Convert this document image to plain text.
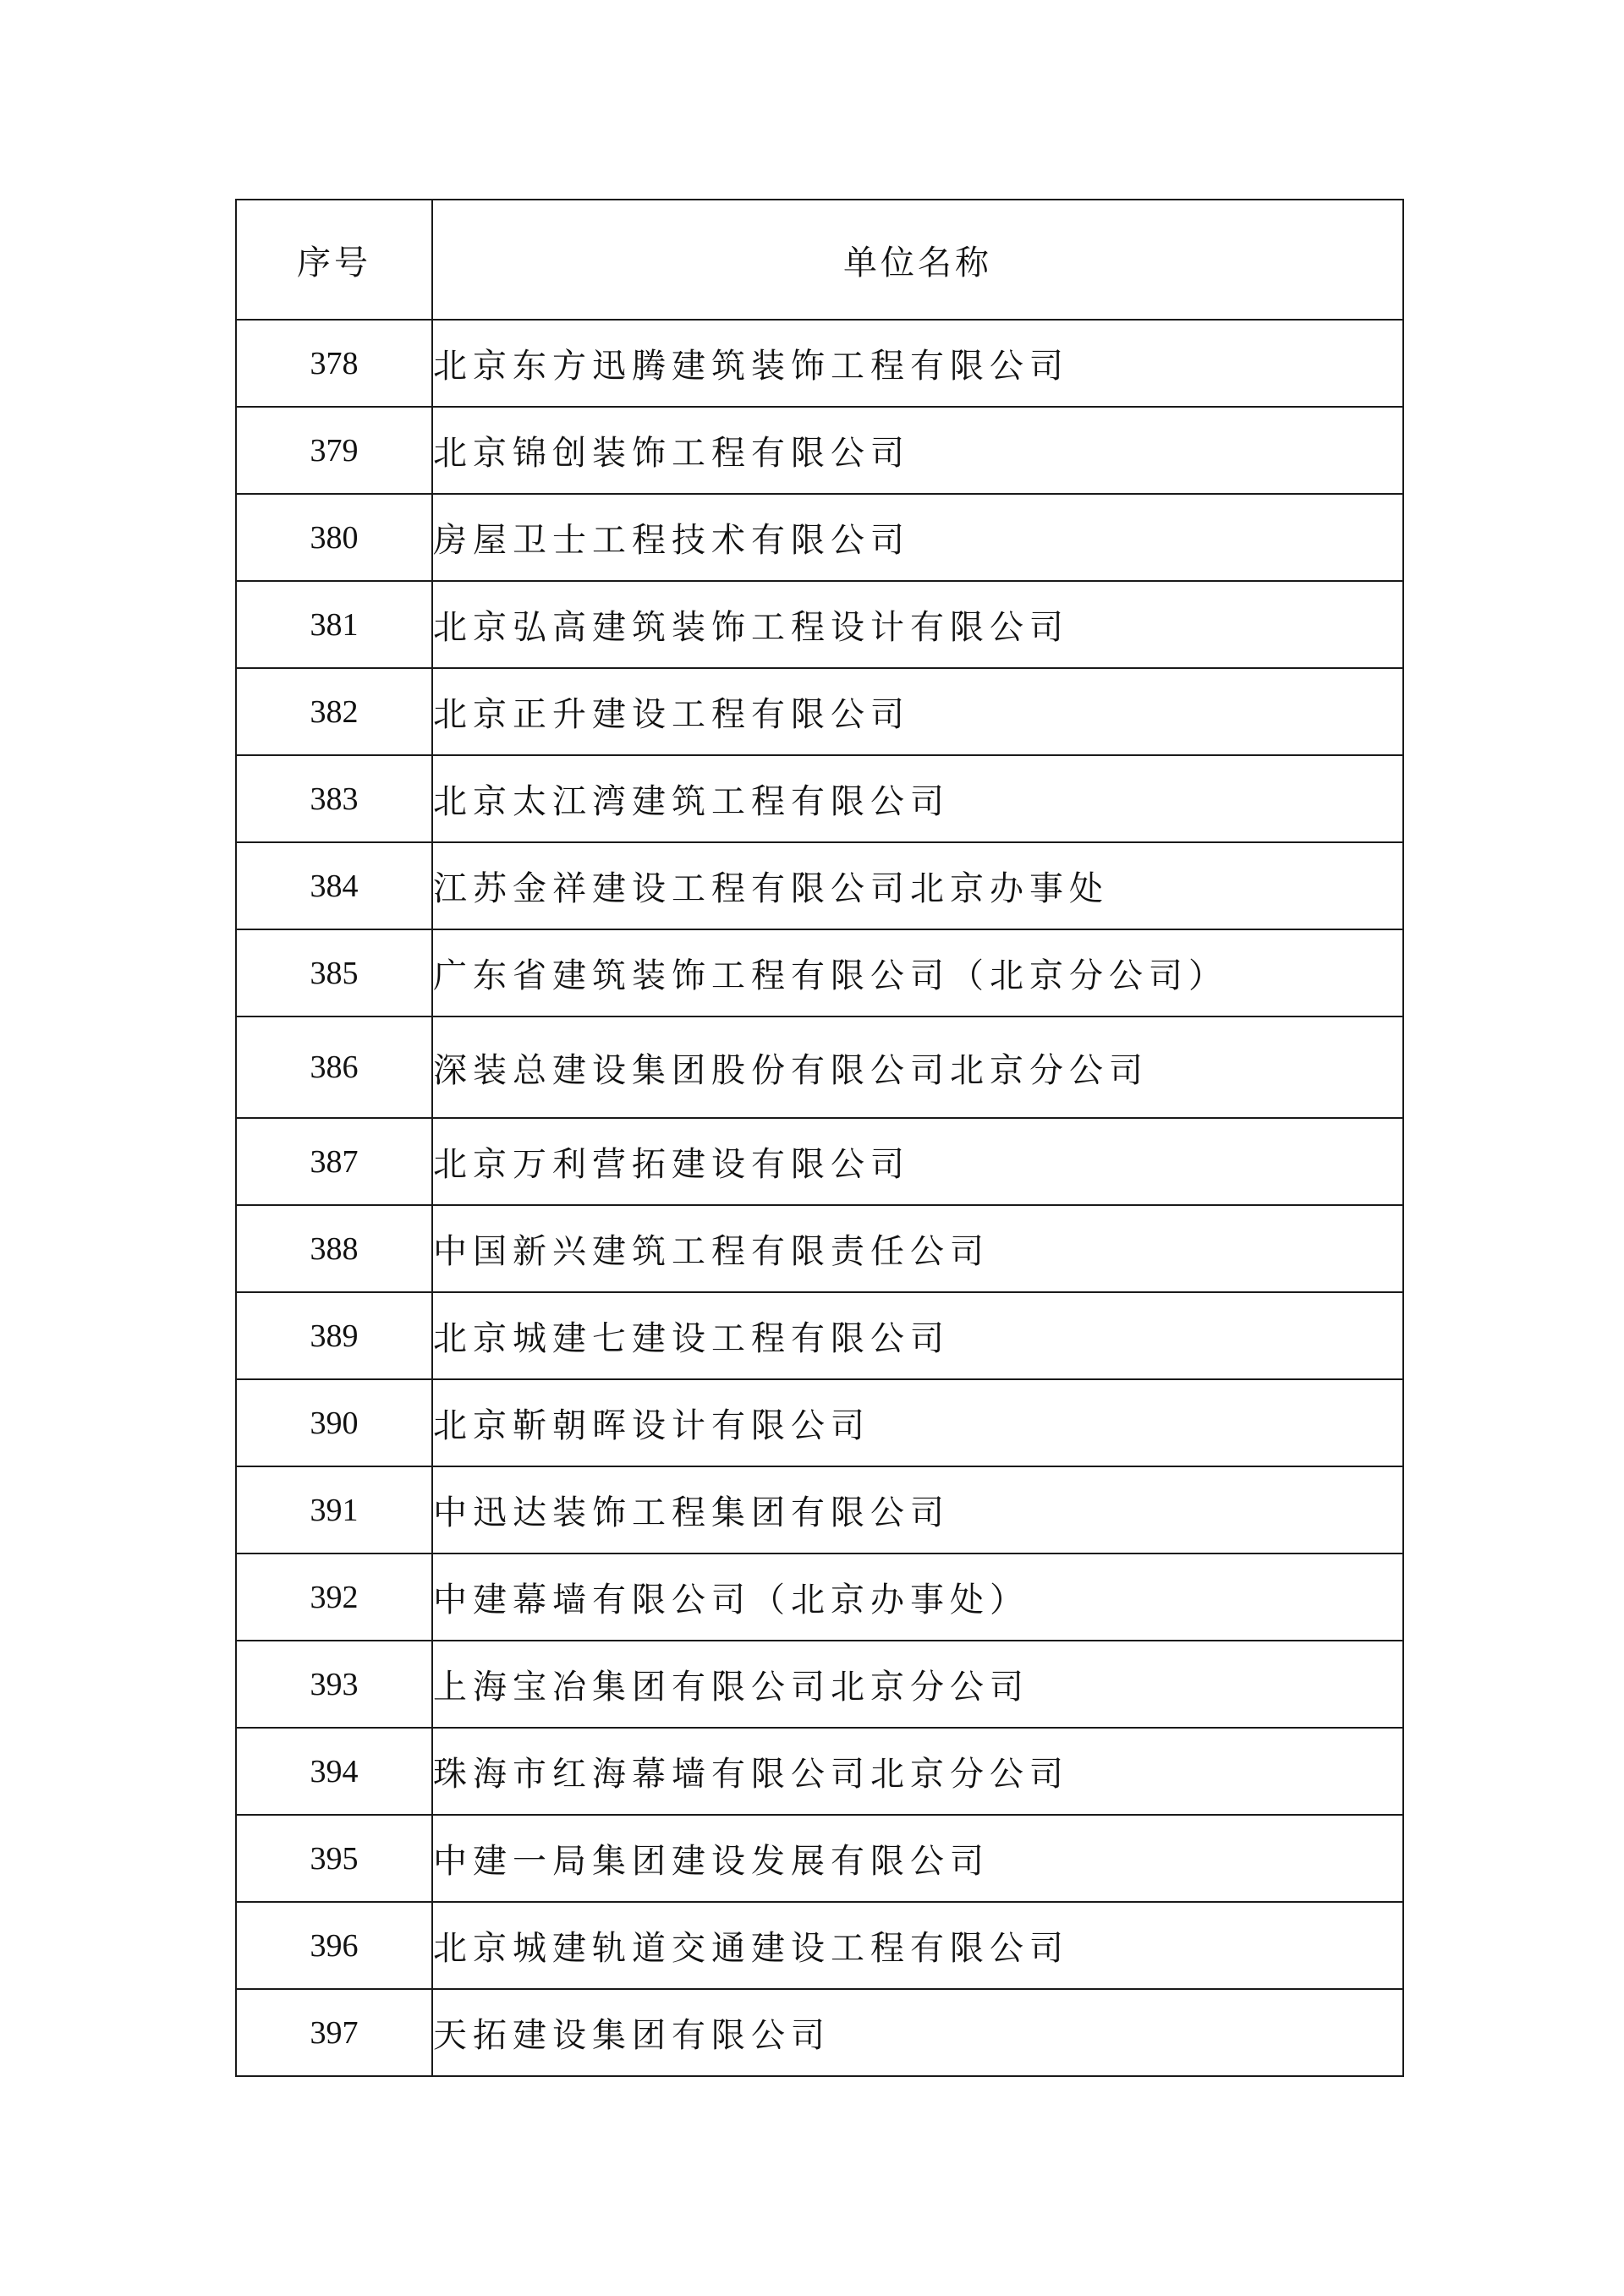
序号	单位名称
378	北京东方迅腾建筑装饰工程有限公司
379	北京锦创装饰工程有限公司
380	房屋卫士工程技术有限公司
381	北京弘高建筑装饰工程设计有限公司
382	北京正升建设工程有限公司
383	北京太江湾建筑工程有限公司
384	江苏金祥建设工程有限公司北京办事处
385	广东省建筑装饰工程有限公司（北京分公司）
386	深装总建设集团股份有限公司北京分公司
387	北京万利营拓建设有限公司
388	中国新兴建筑工程有限责任公司
389	北京城建七建设工程有限公司
390	北京靳朝晖设计有限公司
391	中迅达装饰工程集团有限公司
392	中建幕墙有限公司（北京办事处）
393	上海宝冶集团有限公司北京分公司
394	珠海市红海幕墙有限公司北京分公司
395	中建一局集团建设发展有限公司
396	北京城建轨道交通建设工程有限公司
397	天拓建设集团有限公司
